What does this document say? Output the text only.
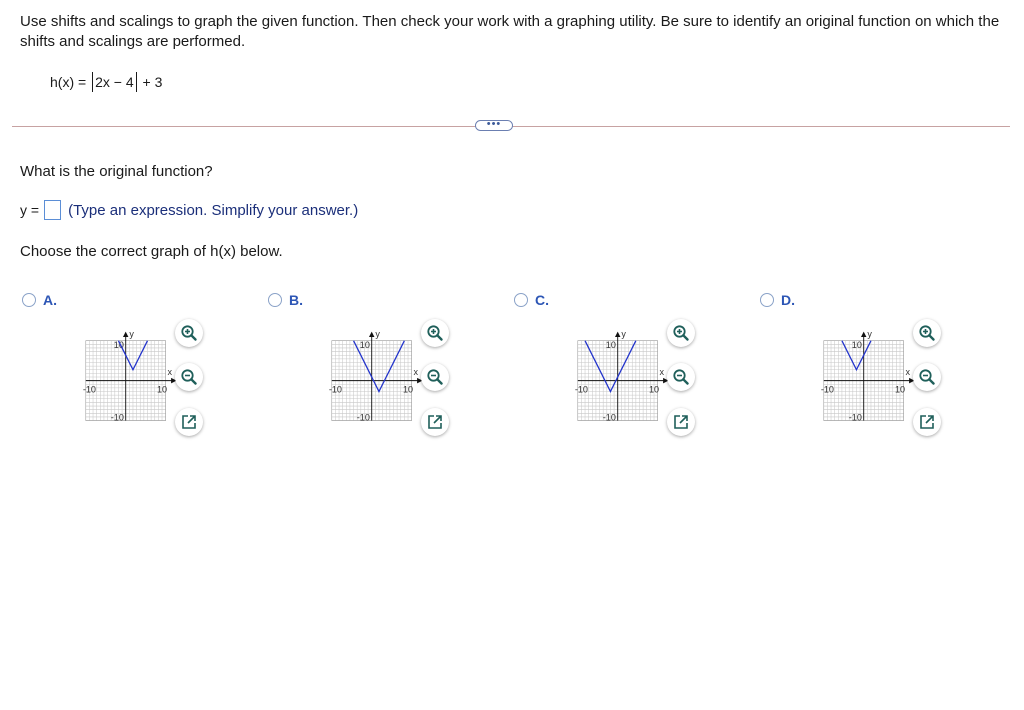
Use shifts and scalings to graph the given function. Then check your work with a graphing utility. Be sure to identify an original function on which the shifts and scalings are performed.
h(x) = 2x − 4 + 3
•••
What is the original function?
y = (Type an expression. Simplify your answer.)
Choose the correct graph of h(x) below.
A.
y
x
10
-10
-10	10
B.
y
x
10
-10
-10	10
C.
y
x
10
-10
-10	10
D.
y
x
10
-10
-10	10
